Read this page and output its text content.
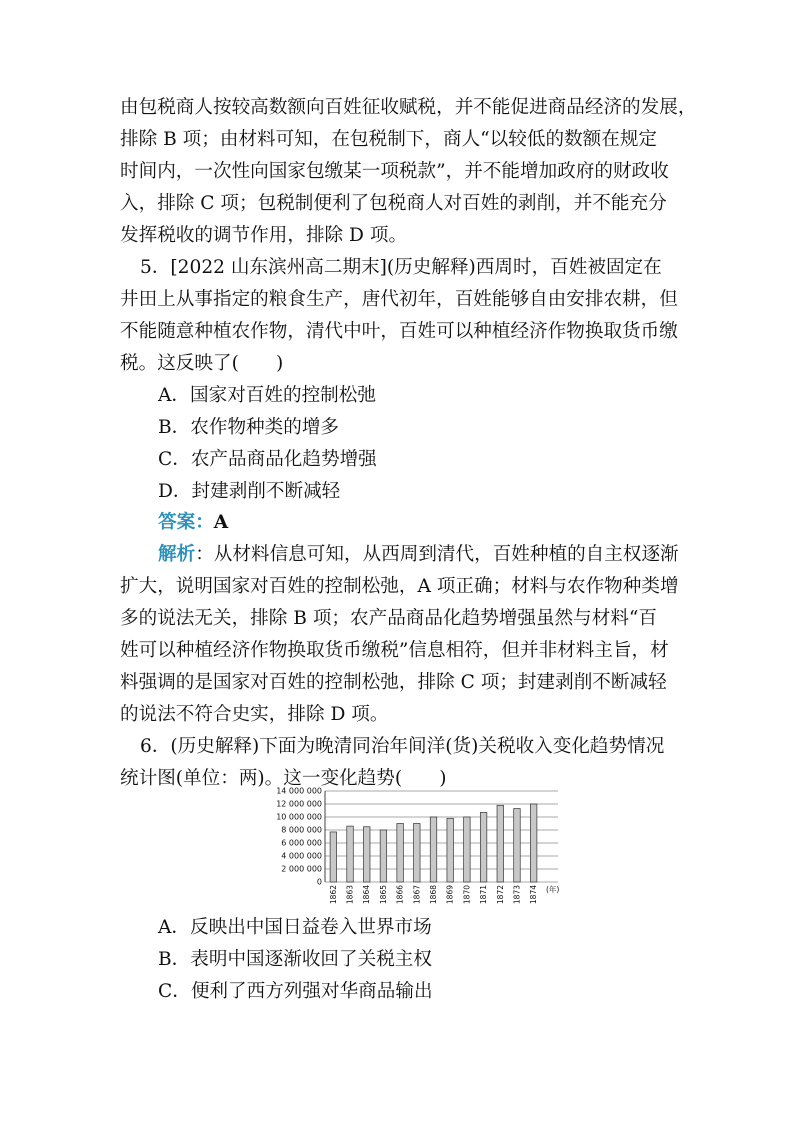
由包税商人按较高数额向百姓征收赋税，并不能促进商品经济的发展，
排除 B 项；由材料可知，在包税制下，商人“以较低的数额在规定
时间内，一次性向国家包缴某一项税款”，并不能增加政府的财政收
入，排除 C 项；包税制便利了包税商人对百姓的剥削，并不能充分
发挥税收的调节作用，排除 D 项。
5．[2022 山东滨州高二期末](历史解释)西周时，百姓被固定在
井田上从事指定的粮食生产，唐代初年，百姓能够自由安排农耕，但
不能随意种植农作物，清代中叶，百姓可以种植经济作物换取货币缴
税。这反映了(　　)
A．国家对百姓的控制松弛
B．农作物种类的增多
C．农产品商品化趋势增强
D．封建剥削不断减轻
答案：A
解析：从材料信息可知，从西周到清代，百姓种植的自主权逐渐
扩大，说明国家对百姓的控制松弛，A 项正确；材料与农作物种类增
多的说法无关，排除 B 项；农产品商品化趋势增强虽然与材料“百
姓可以种植经济作物换取货币缴税”信息相符，但并非材料主旨，材
料强调的是国家对百姓的控制松弛，排除 C 项；封建剥削不断减轻
的说法不符合史实，排除 D 项。
6．(历史解释)下面为晚清同治年间洋(货)关税收入变化趋势情况
统计图(单位：两)。这一变化趋势(　　)
0
2 000 000
4 000 000
6 000 000
8 000 000
10 000 000
12 000 000
14 000 000
1862 1863 1864 1865 1866 1867 1868 1869 1870 1871 1872 1873 1874 (年)
A．反映出中国日益卷入世界市场
B．表明中国逐渐收回了关税主权
C．便利了西方列强对华商品输出
